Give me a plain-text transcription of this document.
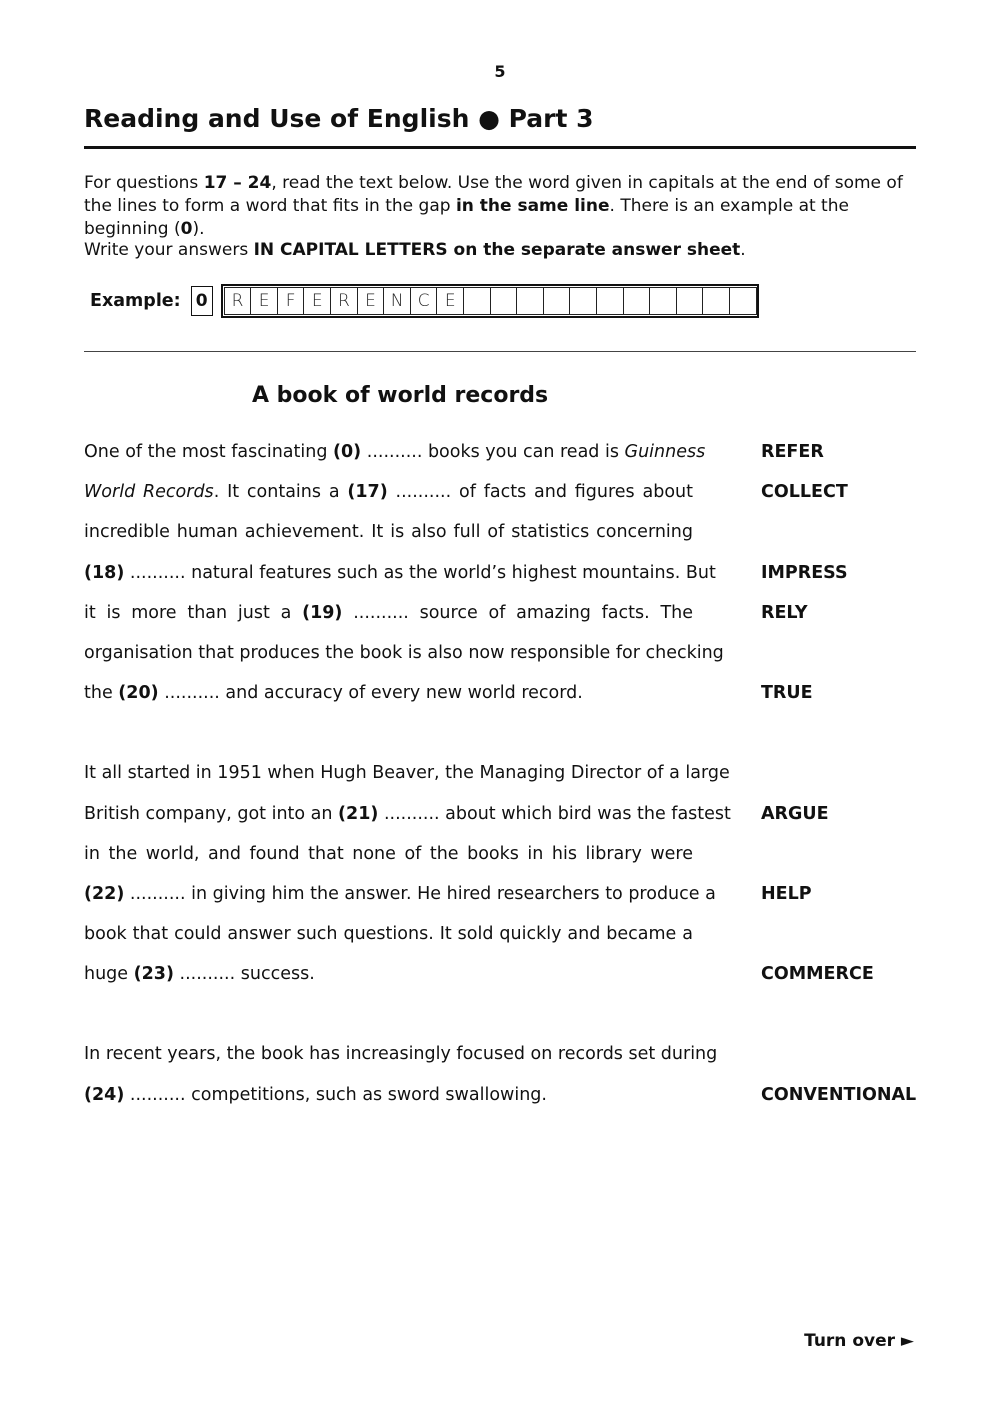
5
Reading and Use of English ● Part 3
For questions 17 – 24, read the text below. Use the word given in capitals at the end of some of the lines to form a word that fits in the gap in the same line. There is an example at the beginning (0).
Write your answers IN CAPITAL LETTERS on the separate answer sheet.
Example: 0	R E F E R E N C E
A book of world records
One of the most fascinating (0) .......... books you can read is Guinness	REFER
World Records. It contains a (17) .......... of facts and figures about	COLLECT
incredible human achievement. It is also full of statistics concerning
(18) .......... natural features such as the world’s highest mountains. But	IMPRESS
it is more than just a (19) .......... source of amazing facts. The	RELY
organisation that produces the book is also now responsible for checking
the (20) .......... and accuracy of every new world record.	TRUE
It all started in 1951 when Hugh Beaver, the Managing Director of a large
British company, got into an (21) .......... about which bird was the fastest ARGUE
in the world, and found that none of the books in his library were
(22) .......... in giving him the answer. He hired researchers to produce a	HELP
book that could answer such questions. It sold quickly and became a
huge (23) .......... success.	COMMERCE
In recent years, the book has increasingly focused on records set during
(24) .......... competitions, such as sword swallowing.	CONVENTIONAL
Turn over ►
